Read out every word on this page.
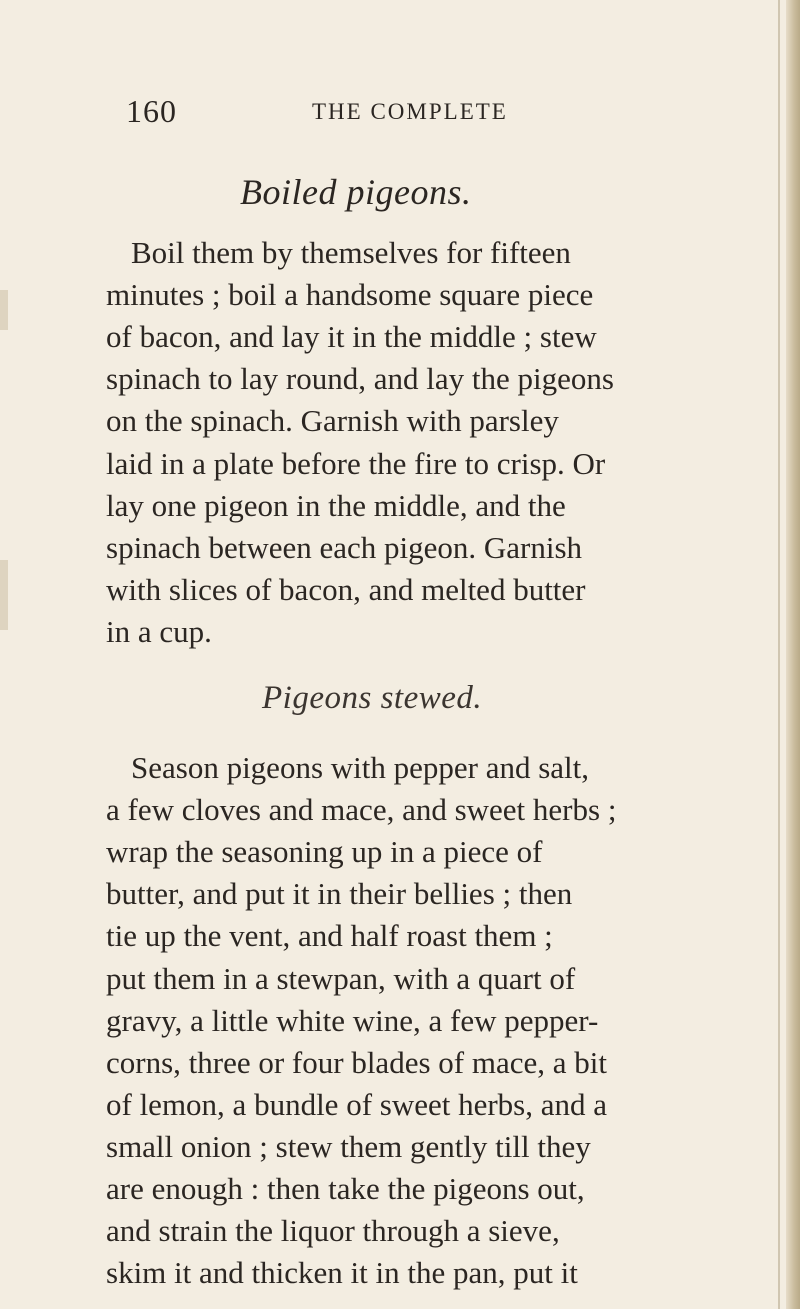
160	THE COMPLETE
Boiled pigeons.
Boil them by themselves for fifteen
minutes ; boil a handsome square piece
of bacon, and lay it in the middle ; stew
spinach to lay round, and lay the pigeons
on the spinach. Garnish with parsley
laid in a plate before the fire to crisp. Or
lay one pigeon in the middle, and the
spinach between each pigeon. Garnish
with slices of bacon, and melted butter
in a cup.
Pigeons stewed.
Season pigeons with pepper and salt,
a few cloves and mace, and sweet herbs ;
wrap the seasoning up in a piece of
butter, and put it in their bellies ; then
tie up the vent, and half roast them ;
put them in a stewpan, with a quart of
gravy, a little white wine, a few pepper-
corns, three or four blades of mace, a bit
of lemon, a bundle of sweet herbs, and a
small onion ; stew them gently till they
are enough : then take the pigeons out,
and strain the liquor through a sieve,
skim it and thicken it in the pan, put it
